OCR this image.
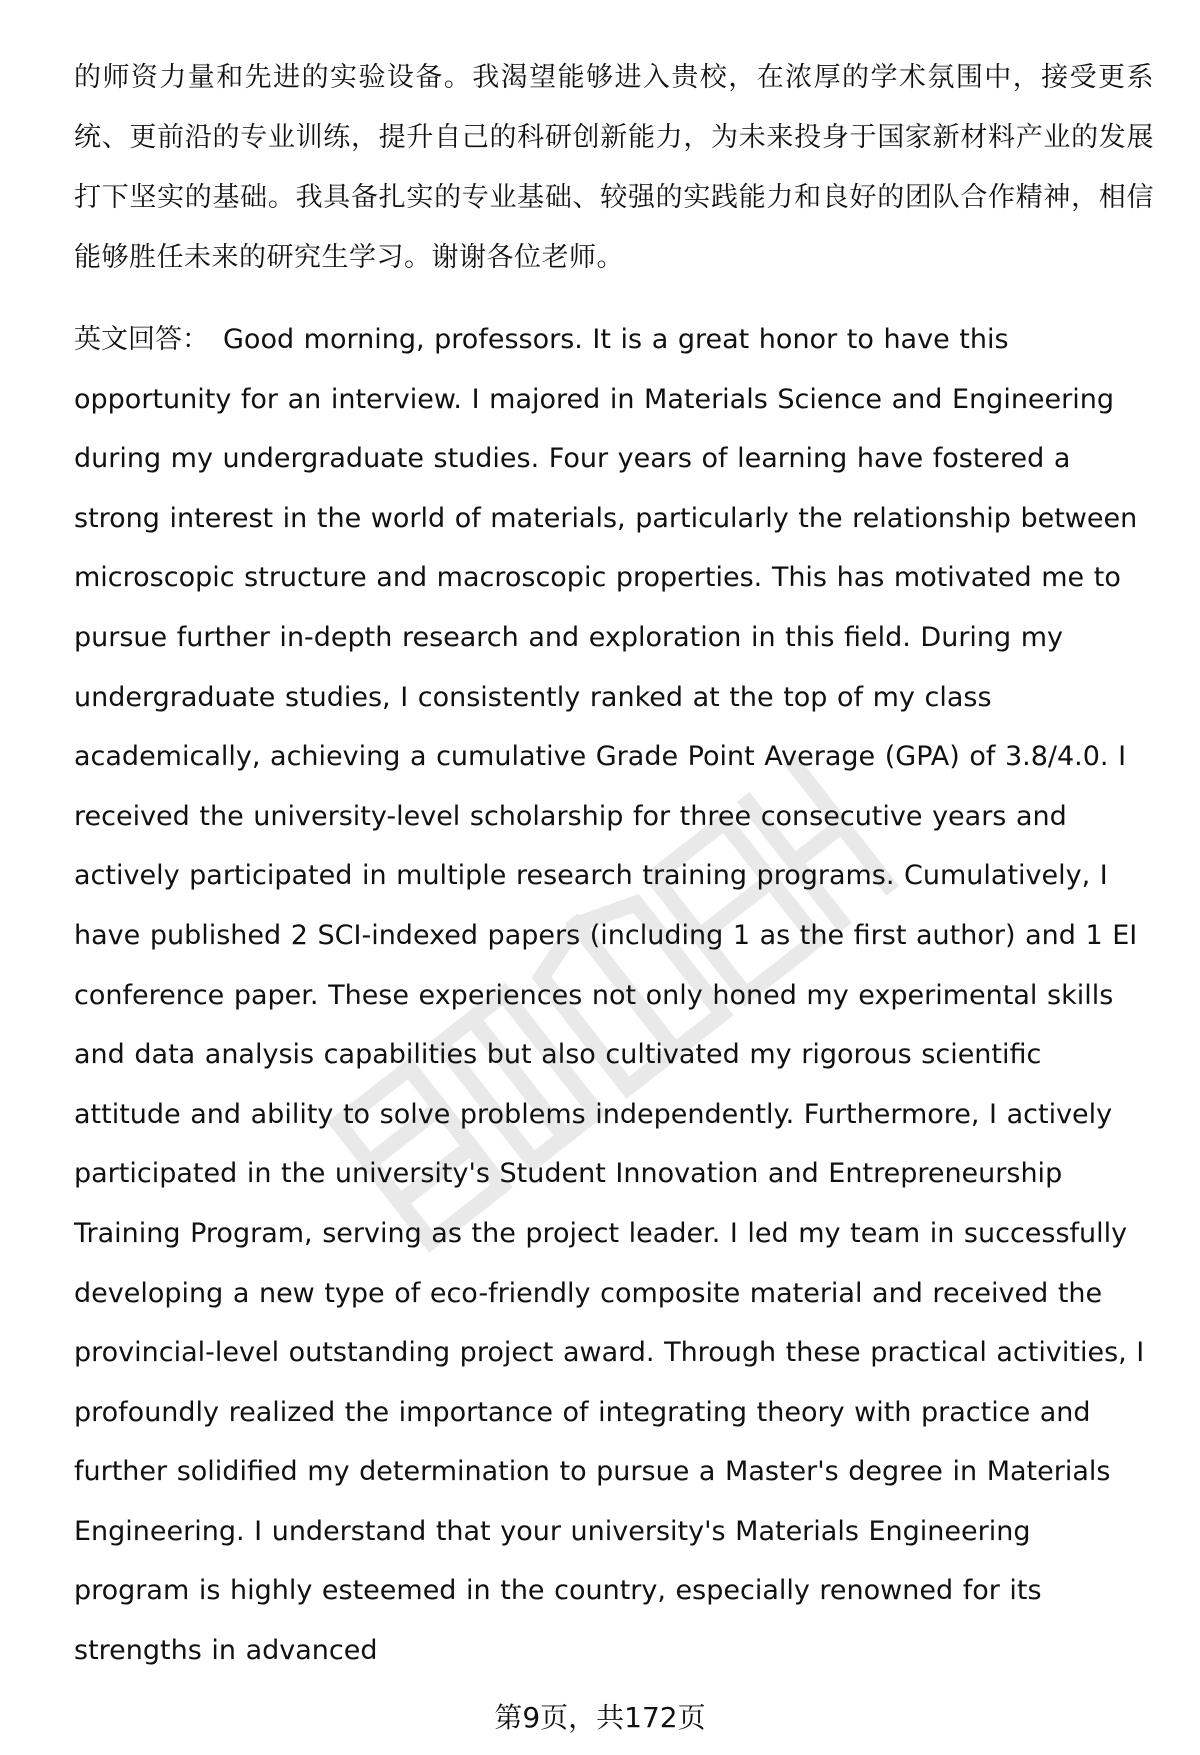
的师资力量和先进的实验设备。我渴望能够进入贵校，在浓厚的学术氛围中，接受更系统、更前沿的专业训练，提升自己的科研创新能力，为未来投身于国家新材料产业的发展打下坚实的基础。我具备扎实的专业基础、较强的实践能力和良好的团队合作精神，相信能够胜任未来的研究生学习。谢谢各位老师。

英文回答： Good morning, professors. It is a great honor to have this opportunity for an interview. I majored in Materials Science and Engineering during my undergraduate studies. Four years of learning have fostered a strong interest in the world of materials, particularly the relationship between microscopic structure and macroscopic properties. This has motivated me to pursue further in-depth research and exploration in this field. During my undergraduate studies, I consistently ranked at the top of my class academically, achieving a cumulative Grade Point Average (GPA) of 3.8/4.0. I received the university-level scholarship for three consecutive years and actively participated in multiple research training programs. Cumulatively, I have published 2 SCI-indexed papers (including 1 as the first author) and 1 EI conference paper. These experiences not only honed my experimental skills and data analysis capabilities but also cultivated my rigorous scientific attitude and ability to solve problems independently. Furthermore, I actively participated in the university's Student Innovation and Entrepreneurship Training Program, serving as the project leader. I led my team in successfully developing a new type of eco-friendly composite material and received the provincial-level outstanding project award. Through these practical activities, I profoundly realized the importance of integrating theory with practice and further solidified my determination to pursue a Master's degree in Materials Engineering. I understand that your university's Materials Engineering program is highly esteemed in the country, especially renowned for its strengths in advanced

第9页，共172页
